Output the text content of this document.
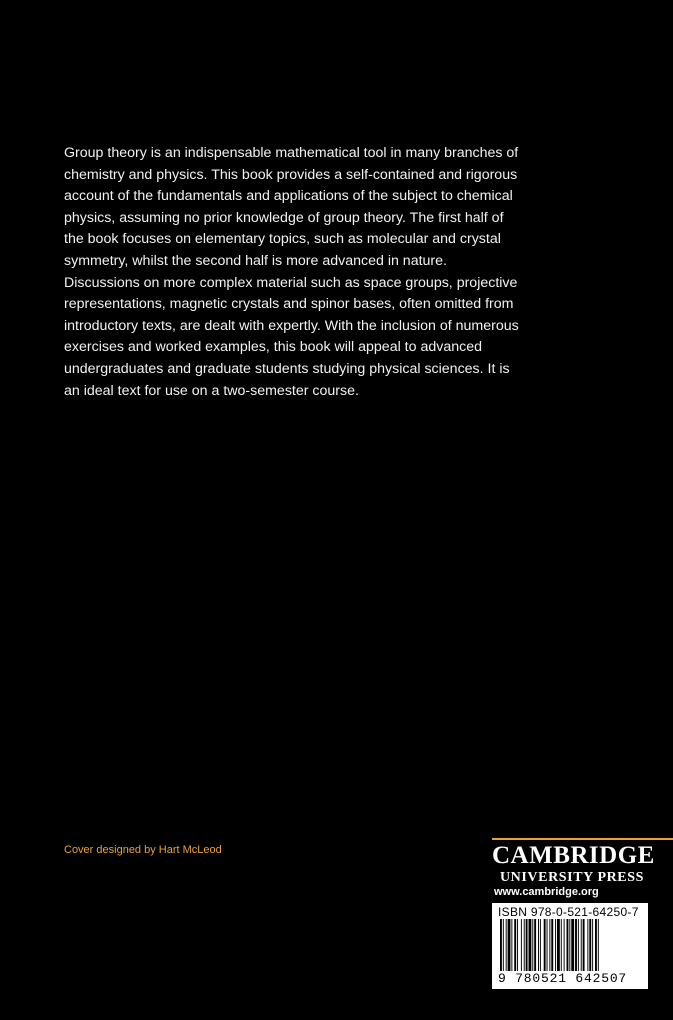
Group theory is an indispensable mathematical tool in many branches of chemistry and physics. This book provides a self-contained and rigorous account of the fundamentals and applications of the subject to chemical physics, assuming no prior knowledge of group theory. The first half of the book focuses on elementary topics, such as molecular and crystal symmetry, whilst the second half is more advanced in nature. Discussions on more complex material such as space groups, projective representations, magnetic crystals and spinor bases, often omitted from introductory texts, are dealt with expertly. With the inclusion of numerous exercises and worked examples, this book will appeal to advanced undergraduates and graduate students studying physical sciences. It is an ideal text for use on a two-semester course.
Cover designed by Hart McLeod	CAMBRIDGE
UNIVERSITY PRESS
www.cambridge.org
ISBN 978-0-521-64250-7
9 780521 642507 >
